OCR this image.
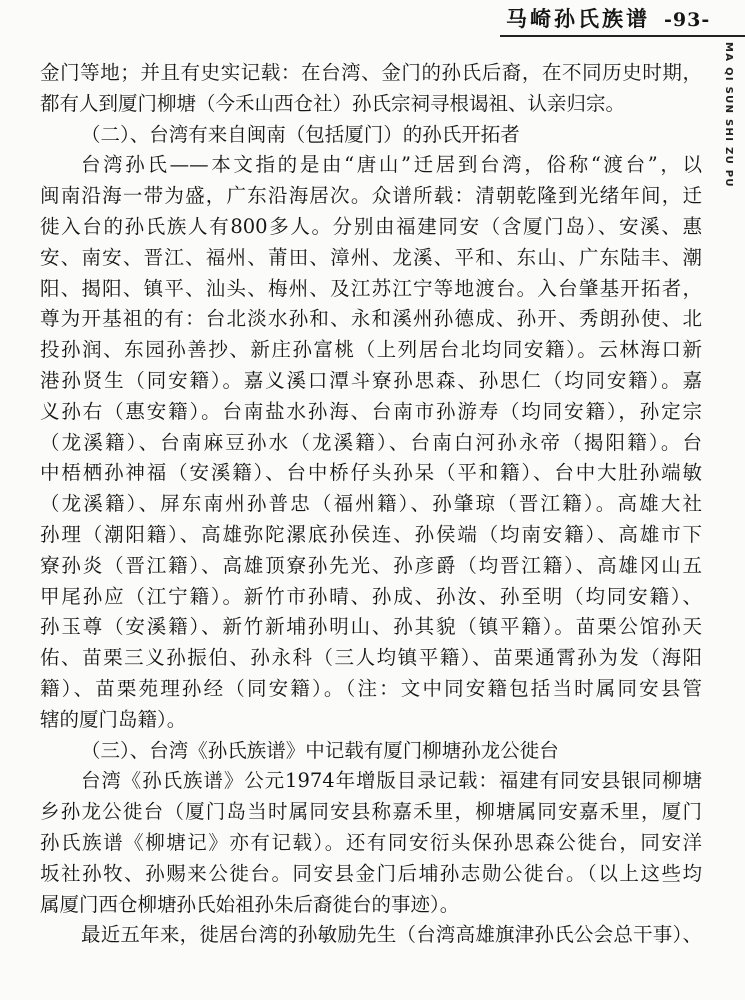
马崎孙氏族谱 -93-
MA QI SUN SHI ZU PU
金门等地；并且有史实记载：在台湾、金门的孙氏后裔，在不同历史时期，
都有人到厦门柳塘（今禾山西仓社）孙氏宗祠寻根谒祖、认亲归宗。
（二）、台湾有来自闽南（包括厦门）的孙氏开拓者
台湾孙氏——本文指的是由“唐山”迁居到台湾，俗称“渡台”，以
闽南沿海一带为盛，广东沿海居次。众谱所载：清朝乾隆到光绪年间，迁
徙入台的孙氏族人有800多人。分别由福建同安（含厦门岛）、安溪、惠
安、南安、晋江、福州、莆田、漳州、龙溪、平和、东山、广东陆丰、潮
阳、揭阳、镇平、汕头、梅州、及江苏江宁等地渡台。入台肇基开拓者，
尊为开基祖的有：台北淡水孙和、永和溪州孙德成、孙开、秀朗孙使、北
投孙润、东园孙善抄、新庄孙富桃（上列居台北均同安籍）。云林海口新
港孙贤生（同安籍）。嘉义溪口潭斗寮孙思森、孙思仁（均同安籍）。嘉
义孙右（惠安籍）。台南盐水孙海、台南市孙游寿（均同安籍），孙定宗
（龙溪籍）、台南麻豆孙水（龙溪籍）、台南白河孙永帝（揭阳籍）。台
中梧栖孙神福（安溪籍）、台中桥仔头孙呆（平和籍）、台中大肚孙端敏
（龙溪籍）、屏东南州孙普忠（福州籍）、孙肇琼（晋江籍）。高雄大社
孙理（潮阳籍）、高雄弥陀漯底孙侯连、孙侯端（均南安籍）、高雄市下
寮孙炎（晋江籍）、高雄顶寮孙先光、孙彦爵（均晋江籍）、高雄冈山五
甲尾孙应（江宁籍）。新竹市孙晴、孙成、孙汝、孙至明（均同安籍）、
孙玉尊（安溪籍）、新竹新埔孙明山、孙其貌（镇平籍）。苗栗公馆孙天
佑、苗栗三义孙振伯、孙永科（三人均镇平籍）、苗栗通霄孙为发（海阳
籍）、苗栗苑理孙经（同安籍）。（注：文中同安籍包括当时属同安县管
辖的厦门岛籍）。
（三）、台湾《孙氏族谱》中记载有厦门柳塘孙龙公徙台
台湾《孙氏族谱》公元1974年增版目录记载：福建有同安县银同柳塘
乡孙龙公徙台（厦门岛当时属同安县称嘉禾里，柳塘属同安嘉禾里，厦门
孙氏族谱《柳塘记》亦有记载）。还有同安衍头保孙思森公徙台，同安洋
坂社孙牧、孙赐来公徙台。同安县金门后埔孙志勋公徙台。（以上这些均
属厦门西仓柳塘孙氏始祖孙朱后裔徙台的事迹）。
最近五年来，徙居台湾的孙敏励先生（台湾高雄旗津孙氏公会总干事）、
